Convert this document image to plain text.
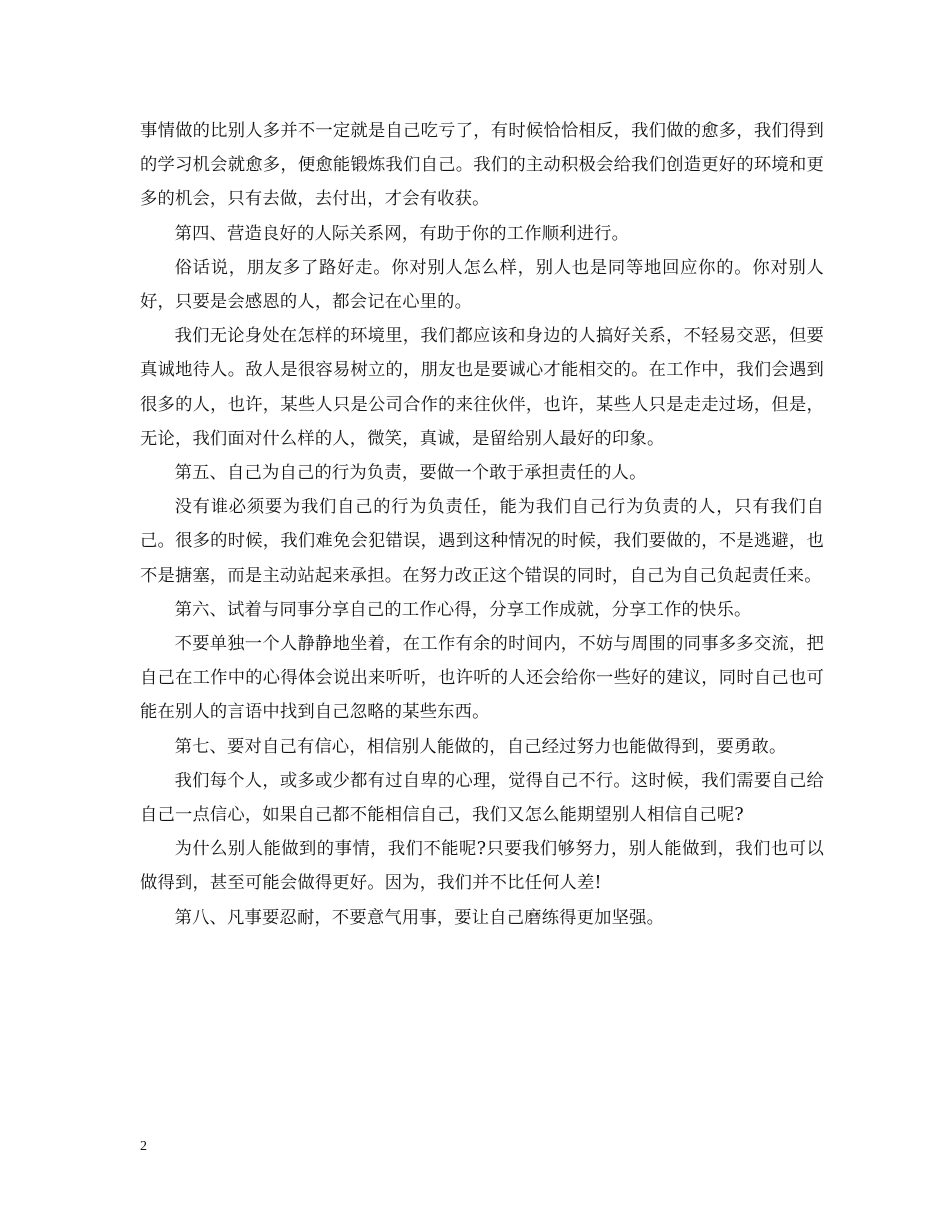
事情做的比别人多并不一定就是自己吃亏了，有时候恰恰相反，我们做的愈多，我们得到的学习机会就愈多，便愈能锻炼我们自己。我们的主动积极会给我们创造更好的环境和更多的机会，只有去做，去付出，才会有收获。

第四、营造良好的人际关系网，有助于你的工作顺利进行。

俗话说，朋友多了路好走。你对别人怎么样，别人也是同等地回应你的。你对别人好，只要是会感恩的人，都会记在心里的。

我们无论身处在怎样的环境里，我们都应该和身边的人搞好关系，不轻易交恶，但要真诚地待人。敌人是很容易树立的，朋友也是要诚心才能相交的。在工作中，我们会遇到很多的人，也许，某些人只是公司合作的来往伙伴，也许，某些人只是走走过场，但是，无论，我们面对什么样的人，微笑，真诚，是留给别人最好的印象。

第五、自己为自己的行为负责，要做一个敢于承担责任的人。

没有谁必须要为我们自己的行为负责任，能为我们自己行为负责的人，只有我们自己。很多的时候，我们难免会犯错误，遇到这种情况的时候，我们要做的，不是逃避，也不是搪塞，而是主动站起来承担。在努力改正这个错误的同时，自己为自己负起责任来。

第六、试着与同事分享自己的工作心得，分享工作成就，分享工作的快乐。

不要单独一个人静静地坐着，在工作有余的时间内，不妨与周围的同事多多交流，把自己在工作中的心得体会说出来听听，也许听的人还会给你一些好的建议，同时自己也可能在别人的言语中找到自己忽略的某些东西。

第七、要对自己有信心，相信别人能做的，自己经过努力也能做得到，要勇敢。

我们每个人，或多或少都有过自卑的心理，觉得自己不行。这时候，我们需要自己给自己一点信心，如果自己都不能相信自己，我们又怎么能期望别人相信自己呢?

为什么别人能做到的事情，我们不能呢?只要我们够努力，别人能做到，我们也可以做得到，甚至可能会做得更好。因为，我们并不比任何人差!

第八、凡事要忍耐，不要意气用事，要让自己磨练得更加坚强。

2
